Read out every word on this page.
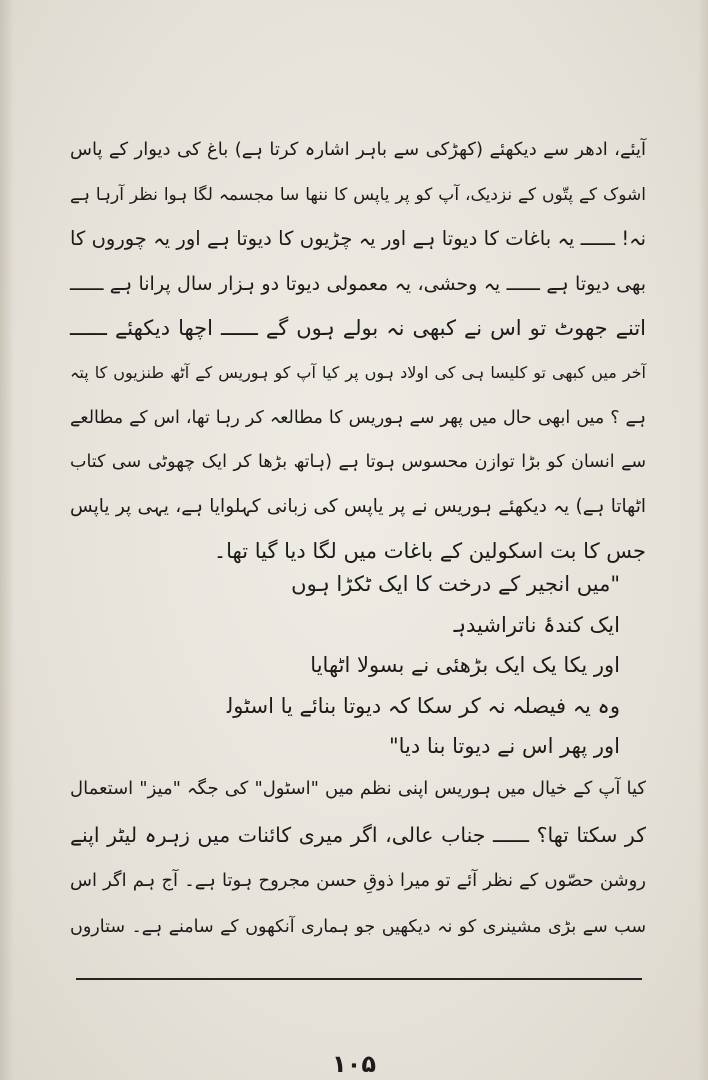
آیئے، ادھر سے دیکھئے (کھڑکی سے باہر اشارہ کرتا ہے) باغ کی دیوار کے پاس
اشوک کے پتّوں کے نزدیک، آپ کو پر یاپس کا ننھا سا مجسمہ لگا ہوا نظر آرہا ہے
نہ! ــــــ یہ باغات کا دیوتا ہے اور یہ چڑیوں کا دیوتا ہے اور یہ چوروں کا
بھی دیوتا ہے ــــــ یہ وحشی، یہ معمولی دیوتا دو ہزار سال پرانا ہے ــــــ
اتنے جھوٹ تو اس نے کبھی نہ بولے ہوں گے ــــــ اچھا دیکھئے ــــــ
آخر میں کبھی تو کلیسا ہی کی اولاد ہوں پر کیا آپ کو ہوریس کے آٹھ طنزیوں کا پتہ
ہے ؟ میں ابھی حال میں پھر سے ہوریس کا مطالعہ کر رہا تھا، اس کے مطالعے
سے انسان کو بڑا توازن محسوس ہوتا ہے (ہاتھ بڑھا کر ایک چھوٹی سی کتاب
اٹھاتا ہے) یہ دیکھئے ہوریس نے پر یاپس کی زبانی کہلوایا ہے، یہی پر یاپس
جس کا بت اسکولین کے باغات میں لگا دیا گیا تھا۔
"میں انجیر کے درخت کا ایک ٹکڑا ہوں
ایک کندۂ ناتراشیدہ
اور یکا یک ایک بڑھئی نے بسولا اٹھایا
وہ یہ فیصلہ نہ کر سکا کہ دیوتا بنائے یا اسٹول
اور پھر اس نے دیوتا بنا دیا"
کیا آپ کے خیال میں ہوریس اپنی نظم میں "اسٹول" کی جگہ "میز" استعمال
کر سکتا تھا؟ ــــــ جناب عالی، اگر میری کائنات میں زہرہ لیٹر اپنے
روشن حصّوں کے نظر آئے تو میرا ذوقِ حسن مجروح ہوتا ہے۔ آج ہم اگر اس
سب سے بڑی مشینری کو نہ دیکھیں جو ہماری آنکھوں کے سامنے ہے۔ ستاروں
۱۰۵
